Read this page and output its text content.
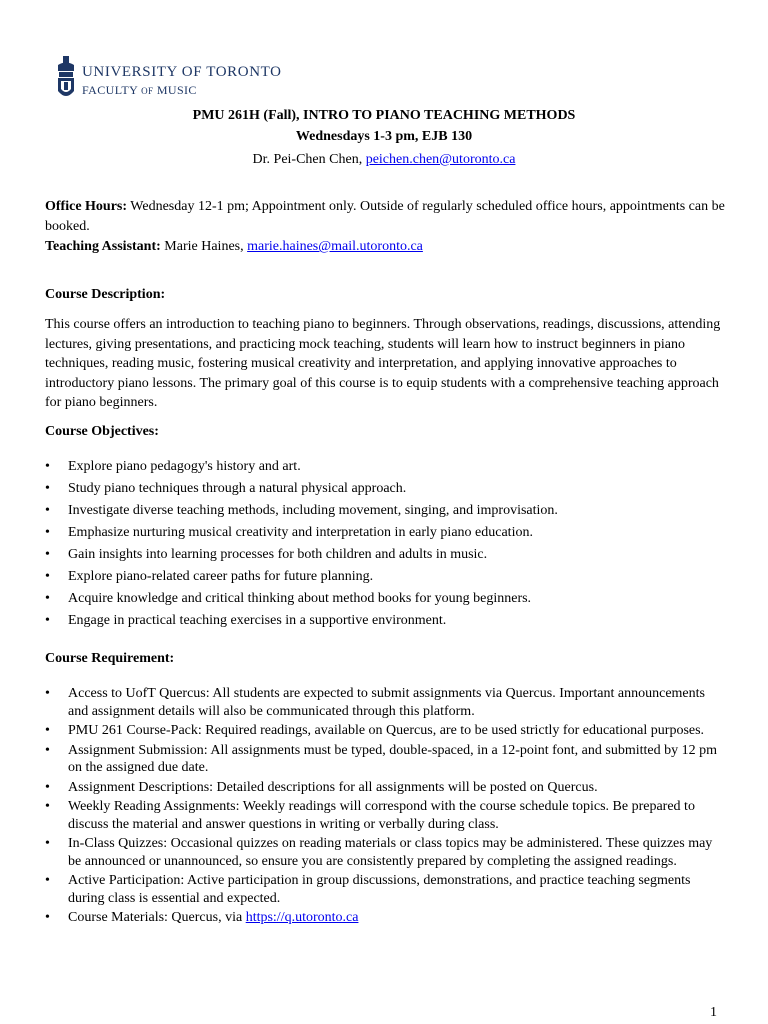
UNIVERSITY OF TORONTO
FACULTY OF MUSIC
PMU 261H (Fall), INTRO TO PIANO TEACHING METHODS
Wednesdays 1-3 pm, EJB 130
Dr. Pei-Chen Chen, peichen.chen@utoronto.ca
Office Hours: Wednesday 12-1 pm; Appointment only. Outside of regularly scheduled office hours, appointments can be booked.
Teaching Assistant: Marie Haines, marie.haines@mail.utoronto.ca
Course Description:
This course offers an introduction to teaching piano to beginners. Through observations, readings, discussions, attending lectures, giving presentations, and practicing mock teaching, students will learn how to instruct beginners in piano techniques, reading music, fostering musical creativity and interpretation, and applying innovative approaches to introductory piano lessons. The primary goal of this course is to equip students with a comprehensive teaching approach for piano beginners.
Course Objectives:
• Explore piano pedagogy's history and art.
• Study piano techniques through a natural physical approach.
• Investigate diverse teaching methods, including movement, singing, and improvisation.
• Emphasize nurturing musical creativity and interpretation in early piano education.
• Gain insights into learning processes for both children and adults in music.
• Explore piano-related career paths for future planning.
• Acquire knowledge and critical thinking about method books for young beginners.
• Engage in practical teaching exercises in a supportive environment.
Course Requirement:
• Access to UofT Quercus: All students are expected to submit assignments via Quercus. Important announcements and assignment details will also be communicated through this platform.
• PMU 261 Course-Pack: Required readings, available on Quercus, are to be used strictly for educational purposes.
• Assignment Submission: All assignments must be typed, double-spaced, in a 12-point font, and submitted by 12 pm on the assigned due date.
• Assignment Descriptions: Detailed descriptions for all assignments will be posted on Quercus.
• Weekly Reading Assignments: Weekly readings will correspond with the course schedule topics. Be prepared to discuss the material and answer questions in writing or verbally during class.
• In-Class Quizzes: Occasional quizzes on reading materials or class topics may be administered. These quizzes may be announced or unannounced, so ensure you are consistently prepared by completing the assigned readings.
• Active Participation: Active participation in group discussions, demonstrations, and practice teaching segments during class is essential and expected.
• Course Materials: Quercus, via https://q.utoronto.ca
1
